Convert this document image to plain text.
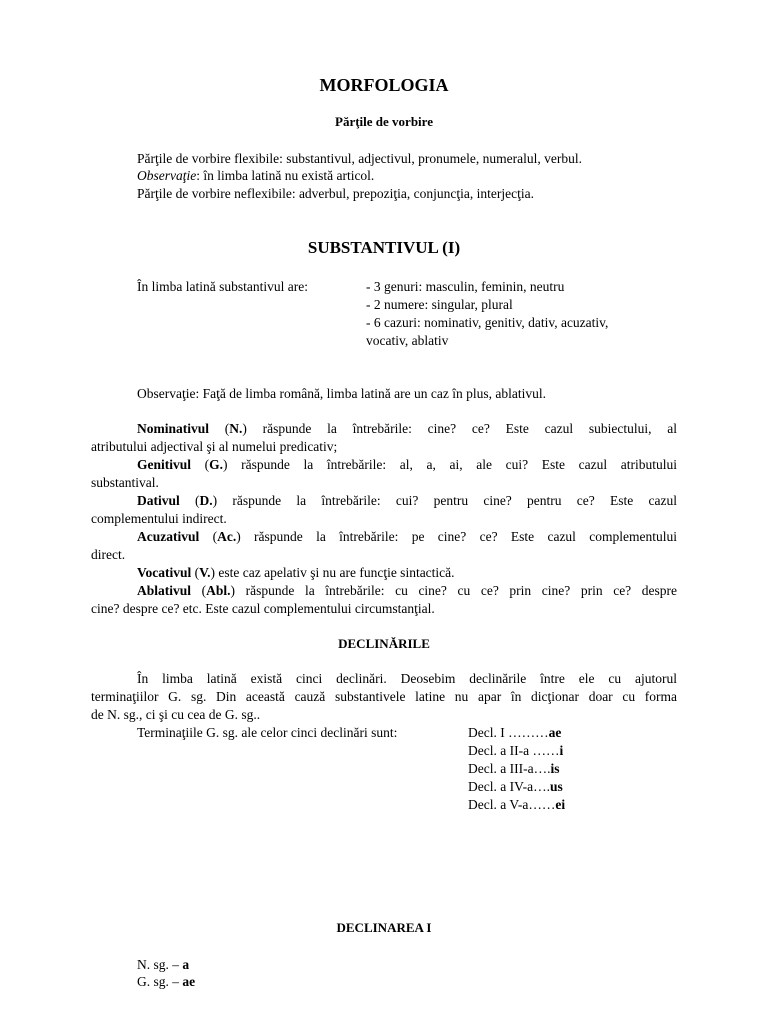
MORFOLOGIA
Părţile de vorbire
Părţile de vorbire flexibile: substantivul, adjectivul, pronumele, numeralul, verbul.
Observaţie: în limba latină nu există articol.
Părţile de vorbire neflexibile: adverbul, prepoziţia, conjuncţia, interjecţia.
SUBSTANTIVUL (I)
În limba latină substantivul are:	- 3 genuri: masculin, feminin, neutru
- 2 numere: singular, plural
- 6 cazuri: nominativ, genitiv, dativ, acuzativ,
vocativ, ablativ
Observaţie: Faţă de limba română, limba latină are un caz în plus, ablativul.
Nominativul (N.) răspunde la întrebările: cine? ce? Este cazul subiectului, al
atributului adjectival şi al numelui predicativ;
Genitivul (G.) răspunde la întrebările: al, a, ai, ale cui? Este cazul atributului
substantival.
Dativul (D.) răspunde la întrebările: cui? pentru cine? pentru ce? Este cazul
complementului indirect.
Acuzativul (Ac.) răspunde la întrebările: pe cine? ce? Este cazul complementului
direct.
Vocativul (V.) este caz apelativ şi nu are funcţie sintactică.
Ablativul (Abl.) răspunde la întrebările: cu cine? cu ce? prin cine? prin ce? despre
cine? despre ce? etc. Este cazul complementului circumstanţial.
DECLINĂRILE
În limba latină există cinci declinări. Deosebim declinările între ele cu ajutorul
terminaţiilor G. sg. Din această cauză substantivele latine nu apar în dicţionar doar cu forma
de N. sg., ci şi cu cea de G. sg..
Terminaţiile G. sg. ale celor cinci declinări sunt:	Decl. I ………ae
Decl. a II-a ……i
Decl. a III-a….is
Decl. a IV-a….us
Decl. a V-a……ei
DECLINAREA I
N. sg. – a
G. sg. – ae
